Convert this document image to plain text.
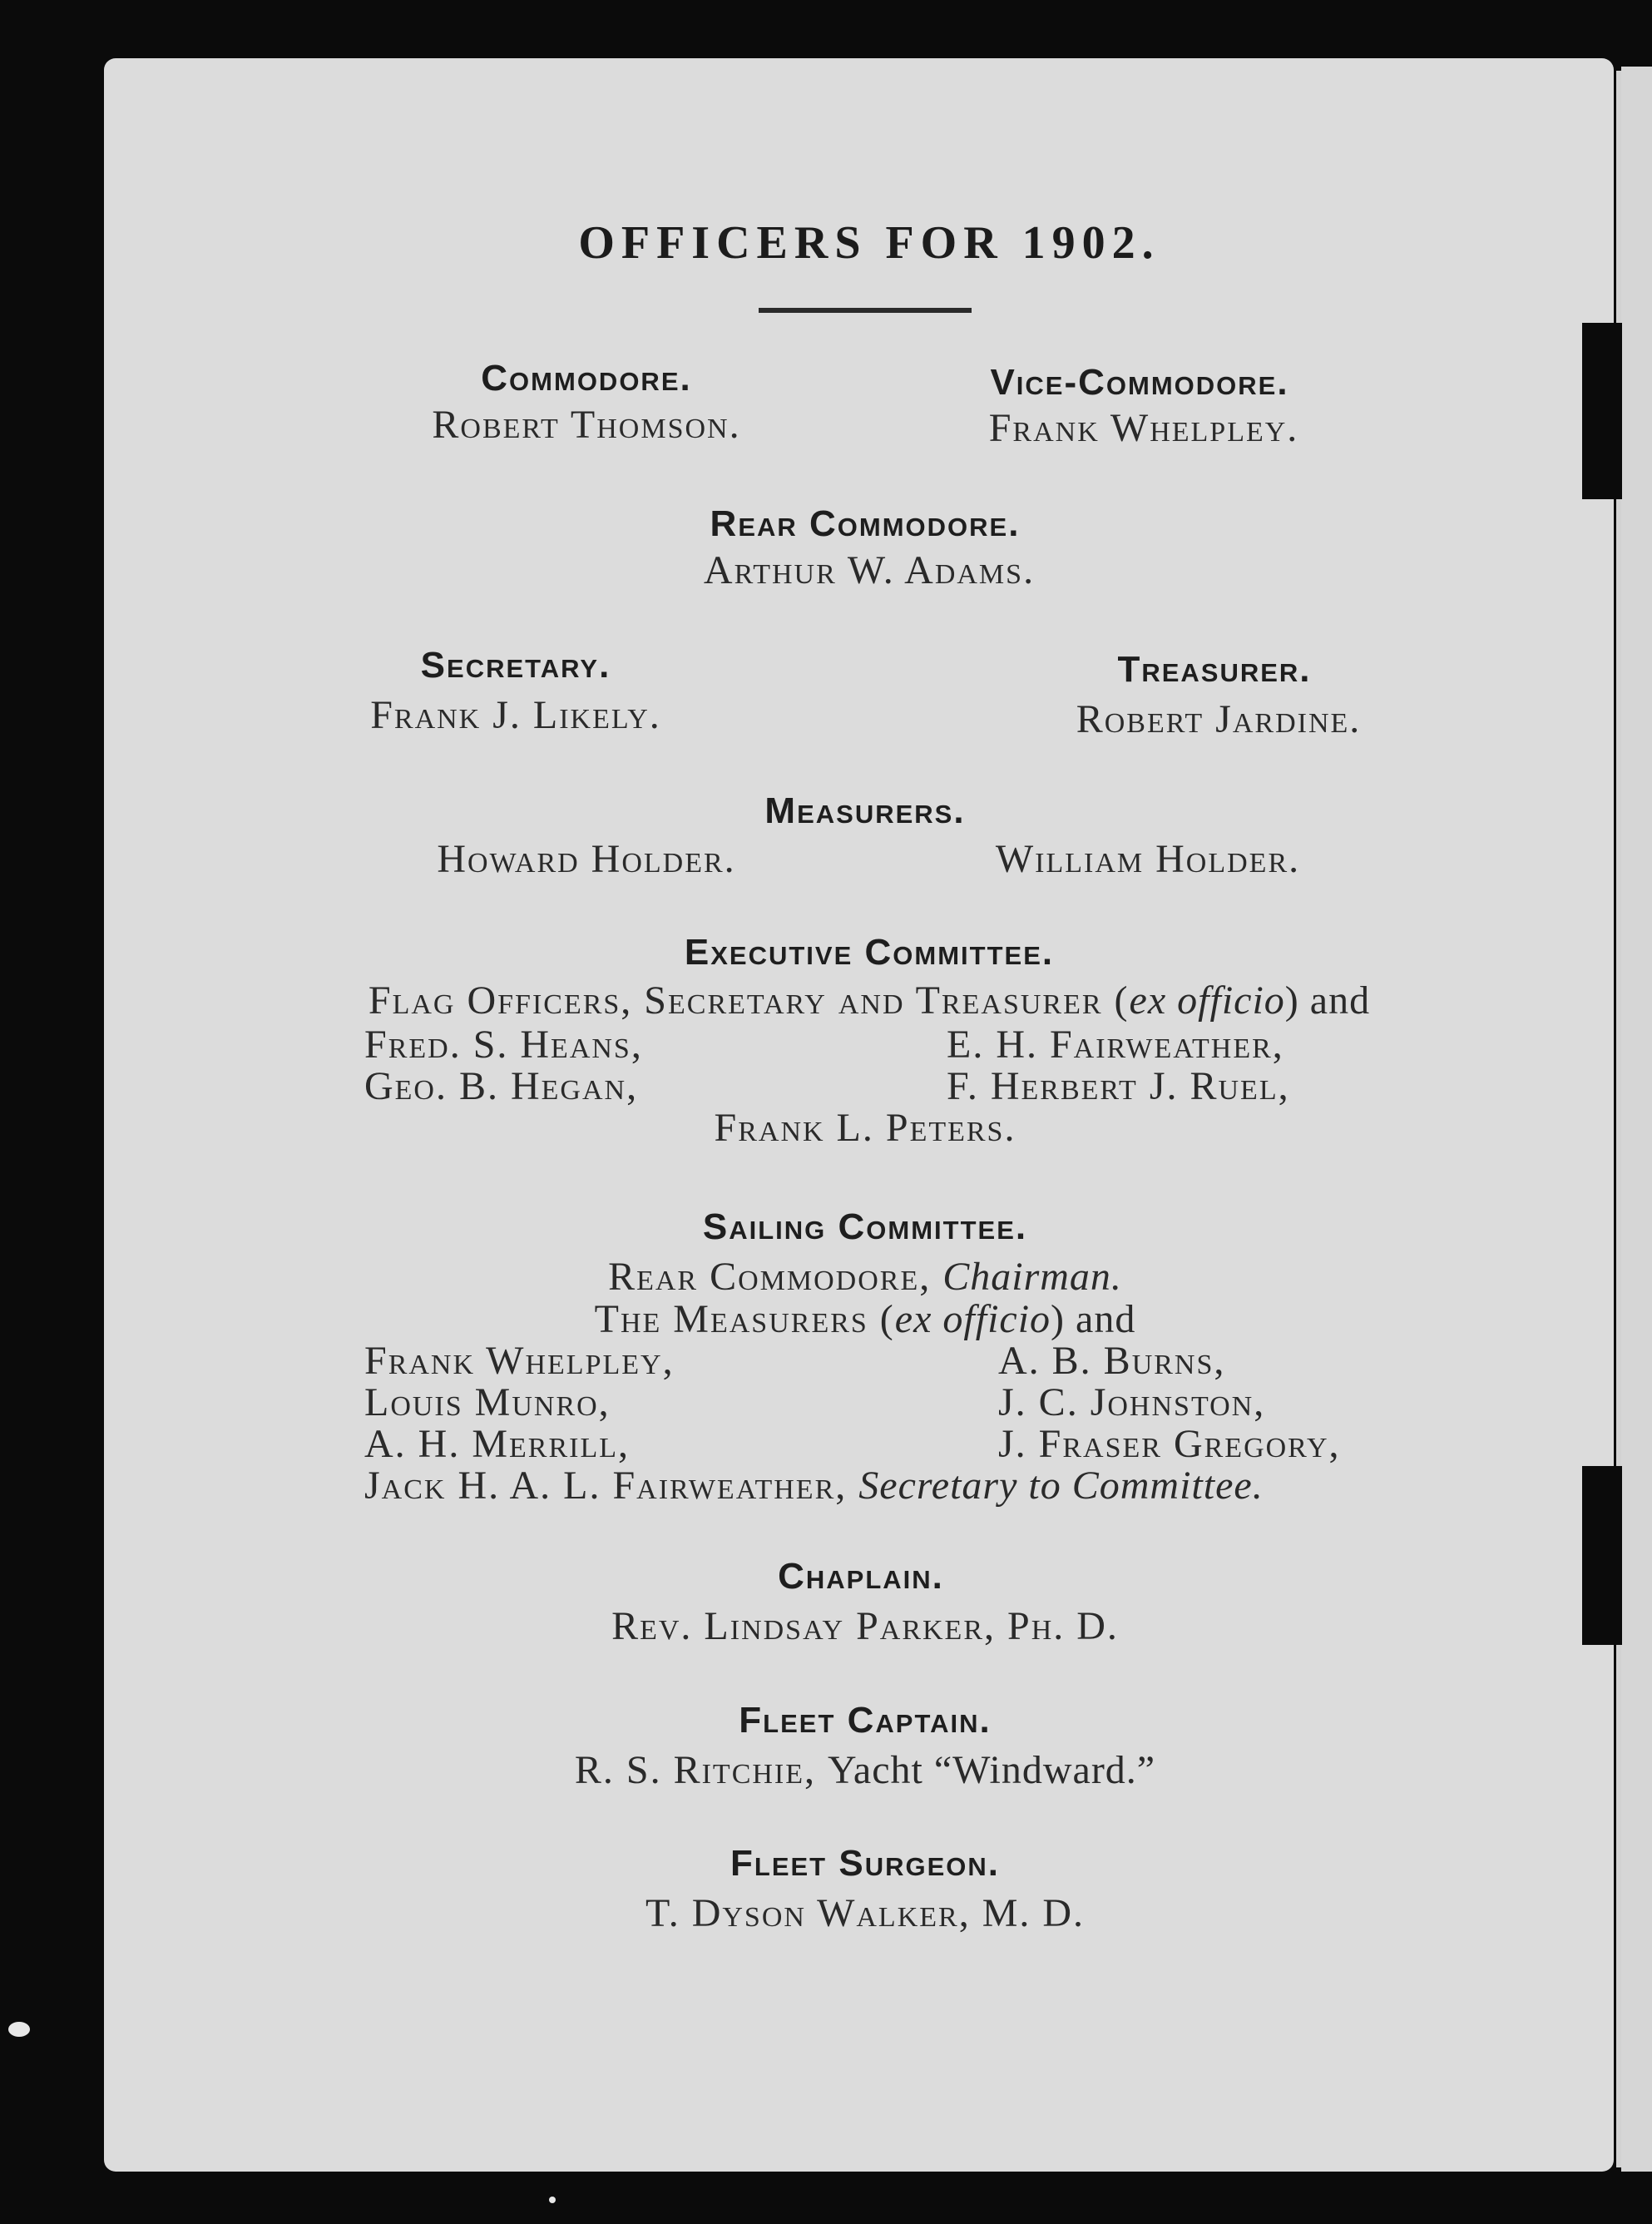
OFFICERS FOR 1902.
Commodore.
Robert Thomson.
Vice-Commodore.
Frank Whelpley.
Rear Commodore.
Arthur W. Adams.
Secretary.
Frank J. Likely.
Treasurer.
Robert Jardine.
Measurers.
Howard Holder.	William Holder.
Executive Committee.
Flag Officers, Secretary and Treasurer (ex officio) and
Fred. S. Heans,	E. H. Fairweather,
Geo. B. Hegan,	F. Herbert J. Ruel,
Frank L. Peters.
Sailing Committee.
Rear Commodore, Chairman.
The Measurers (ex officio) and
Frank Whelpley,	A. B. Burns,
Louis Munro,	J. C. Johnston,
A. H. Merrill,	J. Fraser Gregory,
Jack H. A. L. Fairweather, Secretary to Committee.
Chaplain.
Rev. Lindsay Parker, Ph. D.
Fleet Captain.
R. S. Ritchie, Yacht “Windward.”
Fleet Surgeon.
T. Dyson Walker, M. D.
